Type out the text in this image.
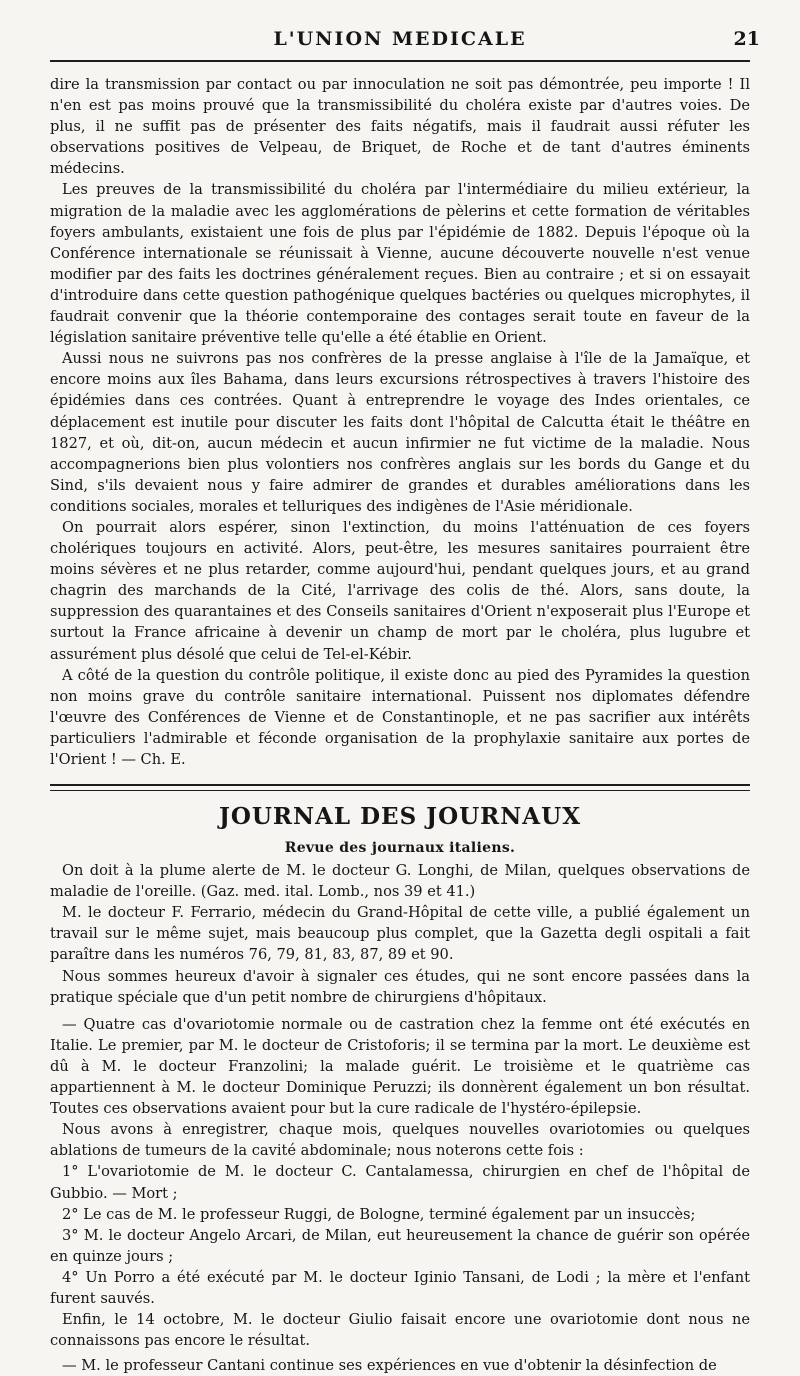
L'UNION MEDICALE	21

dire la transmission par contact ou par innoculation ne soit pas démontrée, peu importe ! Il n'en est pas moins prouvé que la transmissibilité du choléra existe par d'autres voies. De plus, il ne suffit pas de présenter des faits négatifs, mais il faudrait aussi réfuter les observations positives de Velpeau, de Briquet, de Roche et de tant d'autres éminents médecins.

Les preuves de la transmissibilité du choléra par l'intermédiaire du milieu extérieur, la migration de la maladie avec les agglomérations de pèlerins et cette formation de véritables foyers ambulants, existaient une fois de plus par l'épidémie de 1882. Depuis l'époque où la Conférence internationale se réunissait à Vienne, aucune découverte nouvelle n'est venue modifier par des faits les doctrines généralement reçues. Bien au contraire ; et si on essayait d'introduire dans cette question pathogénique quelques bactéries ou quelques microphytes, il faudrait convenir que la théorie contemporaine des contages serait toute en faveur de la législation sanitaire préventive telle qu'elle a été établie en Orient.

Aussi nous ne suivrons pas nos confrères de la presse anglaise à l'île de la Jamaïque, et encore moins aux îles Bahama, dans leurs excursions rétrospectives à travers l'histoire des épidémies dans ces contrées. Quant à entreprendre le voyage des Indes orientales, ce déplacement est inutile pour discuter les faits dont l'hôpital de Calcutta était le théâtre en 1827, et où, dit-on, aucun médecin et aucun infirmier ne fut victime de la maladie. Nous accompagnerions bien plus volontiers nos confrères anglais sur les bords du Gange et du Sind, s'ils devaient nous y faire admirer de grandes et durables améliorations dans les conditions sociales, morales et telluriques des indigènes de l'Asie méridionale.

On pourrait alors espérer, sinon l'extinction, du moins l'atténuation de ces foyers cholériques toujours en activité. Alors, peut-être, les mesures sanitaires pourraient être moins sévères et ne plus retarder, comme aujourd'hui, pendant quelques jours, et au grand chagrin des marchands de la Cité, l'arrivage des colis de thé. Alors, sans doute, la suppression des quarantaines et des Conseils sanitaires d'Orient n'exposerait plus l'Europe et surtout la France africaine à devenir un champ de mort par le choléra, plus lugubre et assurément plus désolé que celui de Tel-el-Kébir.

A côté de la question du contrôle politique, il existe donc au pied des Pyramides la question non moins grave du contrôle sanitaire international. Puissent nos diplomates défendre l'œuvre des Conférences de Vienne et de Constantinople, et ne pas sacrifier aux intérêts particuliers l'admirable et féconde organisation de la prophylaxie sanitaire aux portes de l'Orient ! — Ch. E.

JOURNAL DES JOURNAUX
Revue des journaux italiens.

On doit à la plume alerte de M. le docteur G. Longhi, de Milan, quelques observations de maladie de l'oreille. (Gaz. med. ital. Lomb., nos 39 et 41.)

M. le docteur F. Ferrario, médecin du Grand-Hôpital de cette ville, a publié également un travail sur le même sujet, mais beaucoup plus complet, que la Gazetta degli ospitali a fait paraître dans les numéros 76, 79, 81, 83, 87, 89 et 90.

Nous sommes heureux d'avoir à signaler ces études, qui ne sont encore passées dans la pratique spéciale que d'un petit nombre de chirurgiens d'hôpitaux.

— Quatre cas d'ovariotomie normale ou de castration chez la femme ont été exécutés en Italie. Le premier, par M. le docteur de Cristoforis; il se termina par la mort. Le deuxième est dû à M. le docteur Franzolini; la malade guérit. Le troisième et le quatrième cas appartiennent à M. le docteur Dominique Peruzzi; ils donnèrent également un bon résultat. Toutes ces observations avaient pour but la cure radicale de l'hystéro-épilepsie.

Nous avons à enregistrer, chaque mois, quelques nouvelles ovariotomies ou quelques ablations de tumeurs de la cavité abdominale; nous noterons cette fois :

1° L'ovariotomie de M. le docteur C. Cantalamessa, chirurgien en chef de l'hôpital de Gubbio. — Mort ;

2° Le cas de M. le professeur Ruggi, de Bologne, terminé également par un insuccès;

3° M. le docteur Angelo Arcari, de Milan, eut heureusement la chance de guérir son opérée en quinze jours ;

4° Un Porro a été exécuté par M. le docteur Iginio Tansani, de Lodi ; la mère et l'enfant furent sauvés.

Enfin, le 14 octobre, M. le docteur Giulio faisait encore une ovariotomie dont nous ne connaissons pas encore le résultat.

— M. le professeur Cantani continue ses expériences en vue d'obtenir la désinfection de
